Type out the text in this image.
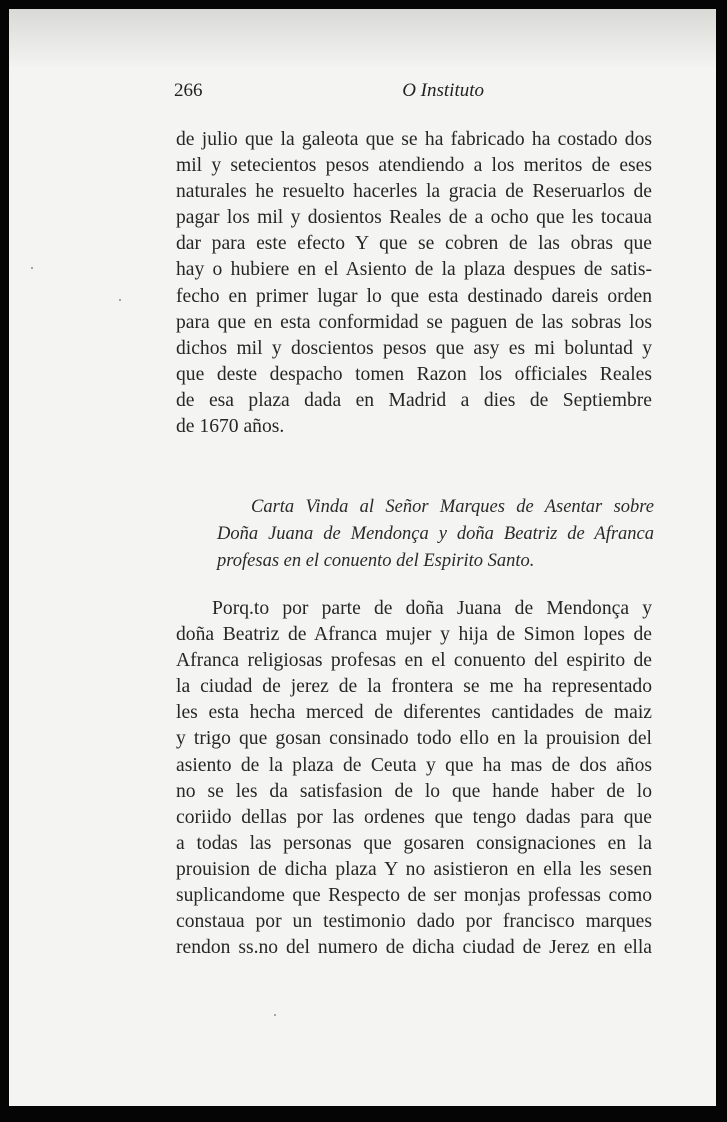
266	O Instituto
de julio que la galeota que se ha fabricado ha costado dos
mil y setecientos pesos atendiendo a los meritos de eses
naturales he resuelto hacerles la gracia de Reseruarlos de
pagar los mil y dosientos Reales de a ocho que les tocaua
dar para este efecto Y que se cobren de las obras que
hay o hubiere en el Asiento de la plaza despues de satis-
fecho en primer lugar lo que esta destinado dareis orden
para que en esta conformidad se paguen de las sobras los
dichos mil y doscientos pesos que asy es mi boluntad y
que deste despacho tomen Razon los officiales Reales
de esa plaza dada en Madrid a dies de Septiembre
de 1670 años.
Carta Vinda al Señor Marques de Asentar sobre
Doña Juana de Mendonça y doña Beatriz de Afranca
profesas en el conuento del Espirito Santo.
Porq.to por parte de doña Juana de Mendonça y
doña Beatriz de Afranca mujer y hija de Simon lopes de
Afranca religiosas profesas en el conuento del espirito de
la ciudad de jerez de la frontera se me ha representado
les esta hecha merced de diferentes cantidades de maiz
y trigo que gosan consinado todo ello en la prouision del
asiento de la plaza de Ceuta y que ha mas de dos años
no se les da satisfasion de lo que hande haber de lo
coriido dellas por las ordenes que tengo dadas para que
a todas las personas que gosaren consignaciones en la
prouision de dicha plaza Y no asistieron en ella les sesen
suplicandome que Respecto de ser monjas professas como
constaua por un testimonio dado por francisco marques
rendon ss.no del numero de dicha ciudad de Jerez en ella
